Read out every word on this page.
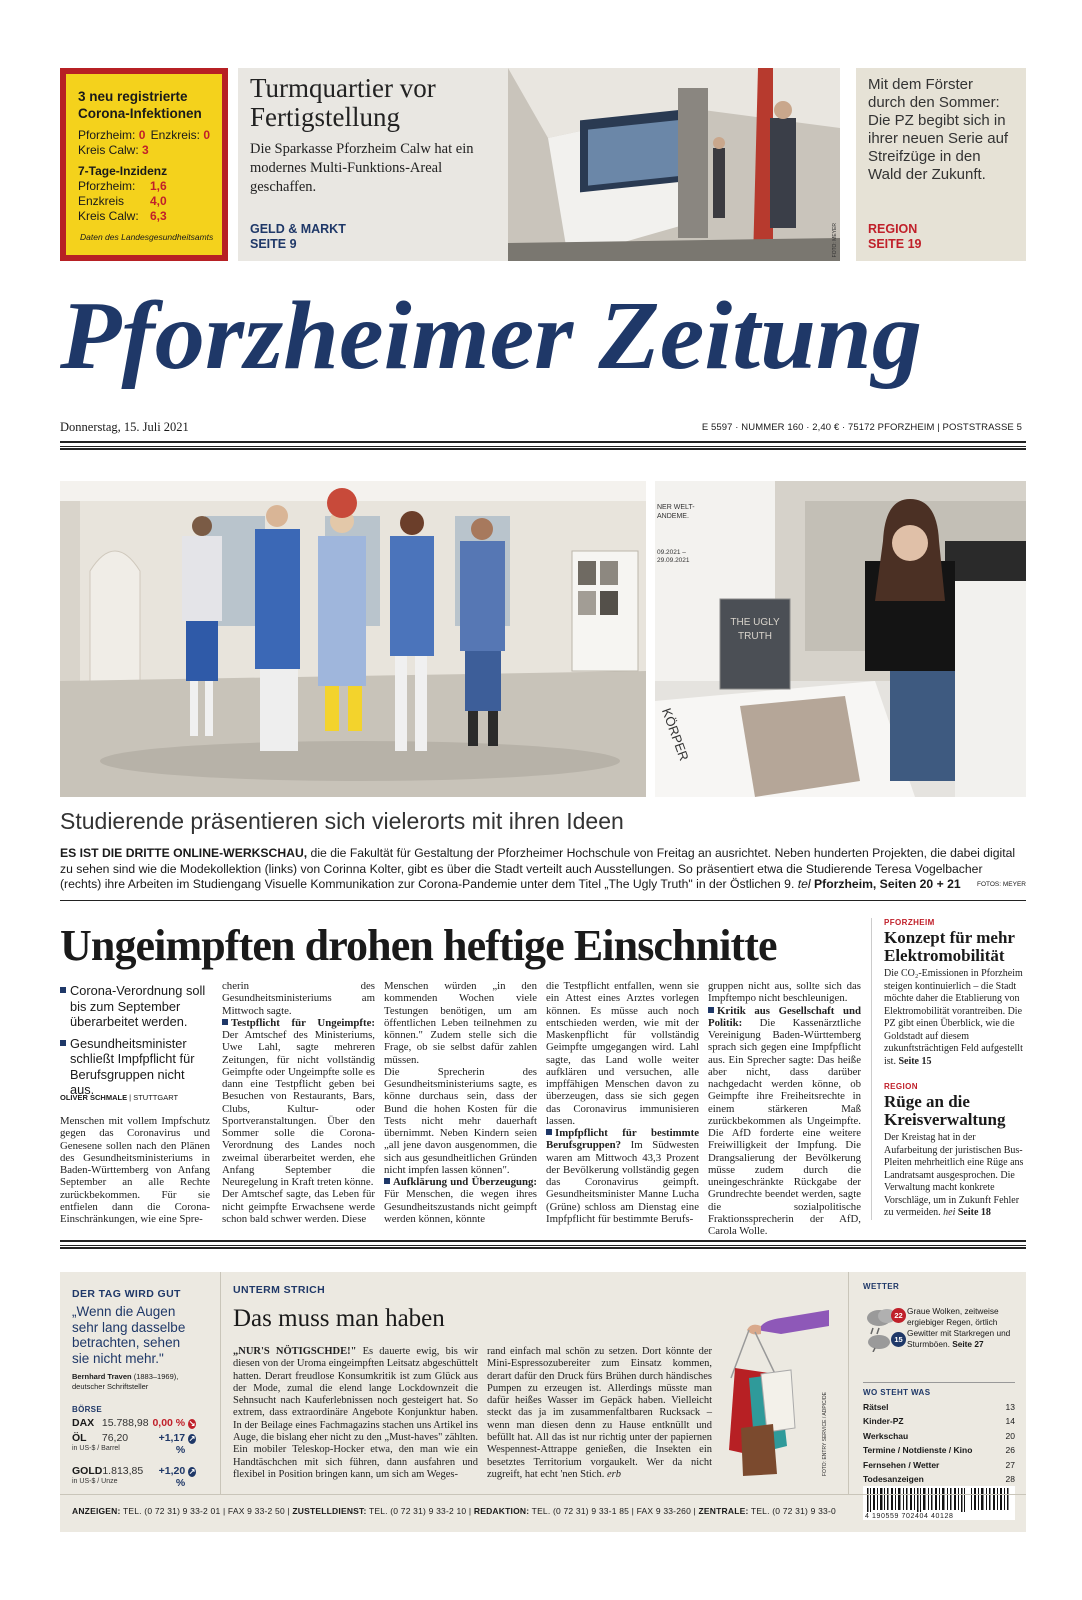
3 neu registrierte Corona-Infektionen
Pforzheim: 0 Enzkreis: 0
Kreis Calw: 3
7-Tage-Inzidenz
Pforzheim:	1,6
Enzkreis	4,0
Kreis Calw: 6,3
Daten des Landesgesundheitsamts
Turmquartier vor Fertigstellung
Die Sparkasse Pforzheim Calw hat ein modernes Multi-Funktions-Areal geschaffen.
GELD & MARKT
SEITE 9	FOTO: MEYER
Mit dem Förster durch den Sommer: Die PZ begibt sich in ihrer neuen Serie auf Streifzüge in den Wald der Zukunft.
REGION
SEITE 19
Pforzheimer Zeitung
Donnerstag, 15. Juli 2021	E 5597 · NUMMER 160 · 2,40 € · 75172 PFORZHEIM | POSTSTRASSE 5
NER WELT- ANDEME.
09.2021 – 29.09.2021
THE UGLY TRUTH
KÖRPER
Studierende präsentieren sich vielerorts mit ihren Ideen
ES IST DIE DRITTE ONLINE-WERKSCHAU, die die Fakultät für Gestaltung der Pforzheimer Hochschule von Freitag an ausrichtet. Neben hunderten Projekten, die dabei digital zu sehen sind wie die Modekollektion (links) von Corinna Kolter, gibt es über die Stadt verteilt auch Ausstellungen. So präsentiert etwa die Studierende Teresa Vogelbacher (rechts) ihre Arbeiten im Studiengang Visuelle Kommunikation zur Corona-Pandemie unter dem Titel „The Ugly Truth" in der Östlichen 9. tel Pforzheim, Seiten 20 + 21	FOTOS: MEYER
Ungeimpften drohen heftige Einschnitte
Menschen mit vollem Impfschutz gegen das Coronavirus und Genesene sollen nach den Plänen des Gesundheitsministeriums in Baden-Württemberg von Anfang September an alle Rechte zurückbekommen. Für sie entfielen dann die Corona-Einschränkungen, wie eine Spre-
cherin des Gesundheitsministeriums am Mittwoch sagte.
Testpflicht für Ungeimpfte: Der Amtschef des Ministeriums, Uwe Lahl, sagte mehreren Zeitungen, für nicht vollständig Geimpfte oder Ungeimpfte solle es dann eine Testpflicht geben bei Besuchen von Restaurants, Bars, Clubs, Kultur- oder Sportveranstaltungen. Über den Sommer solle die Corona-Verordnung des Landes noch zweimal überarbeitet werden, ehe Anfang September die Neuregelung in Kraft treten könne.
Der Amtschef sagte, das Leben für nicht geimpfte Erwachsene werde schon bald schwer werden. Diese
Menschen würden „in den kommenden Wochen viele Testungen benötigen, um am öffentlichen Leben teilnehmen zu können." Zudem stelle sich die Frage, ob sie selbst dafür zahlen müssen.
Die Sprecherin des Gesundheitsministeriums sagte, es könne durchaus sein, dass der Bund die hohen Kosten für die Tests nicht mehr dauerhaft übernimmt. Neben Kindern seien „all jene davon ausgenommen, die sich aus gesundheitlichen Gründen nicht impfen lassen können".
Aufklärung und Überzeugung: Für Menschen, die wegen ihres Gesundheitszustands nicht geimpft werden können, könnte
die Testpflicht entfallen, wenn sie ein Attest eines Arztes vorlegen können. Es müsse auch noch entschieden werden, wie mit der Maskenpflicht für vollständig Geimpfte umgegangen wird. Lahl sagte, das Land wolle weiter aufklären und versuchen, alle impffähigen Menschen davon zu überzeugen, dass sie sich gegen das Coronavirus immunisieren lassen.
Impfpflicht für bestimmte Berufsgruppen? Im Südwesten waren am Mittwoch 43,3 Prozent der Bevölkerung vollständig gegen das Coronavirus geimpft. Gesundheitsminister Manne Lucha (Grüne) schloss am Dienstag eine Impfpflicht für bestimmte Berufs-
gruppen nicht aus, sollte sich das Impftempo nicht beschleunigen.
Kritik aus Gesellschaft und Politik: Die Kassenärztliche Vereinigung Baden-Württemberg sprach sich gegen eine Impfpflicht aus. Ein Sprecher sagte: Das heiße aber nicht, dass darüber nachgedacht werden könne, ob Geimpfte ihre Freiheitsrechte in einem stärkeren Maß zurückbekommen als Ungeimpfte. Die AfD forderte eine weitere Freiwilligkeit der Impfung. Die Drangsalierung der Bevölkerung müsse zudem durch die uneingeschränkte Rückgabe der Grundrechte beendet werden, sagte die sozialpolitische Fraktionssprecherin der AfD, Carola Wolle.
Corona-Verordnung soll bis zum September überarbeitet werden.
Gesundheitsminister schließt Impfpflicht für Berufsgruppen nicht aus.
OLIVER SCHMALE | STUTTGART
PFORZHEIM
Konzept für mehr Elektromobilität
Die CO₂-Emissionen in Pforzheim steigen kontinuierlich – die Stadt möchte daher die Etablierung von Elektromobilität vorantreiben. Die PZ gibt einen Überblick, wie die Goldstadt auf diesem zukunftsträchtigen Feld aufgestellt ist. Seite 15
REGION
Rüge an die Kreisverwaltung
Der Kreistag hat in der Aufarbeitung der juristischen Bus-Pleiten mehrheitlich eine Rüge ans Landratsamt ausgesprochen. Die Verwaltung macht konkrete Vorschläge, um in Zukunft Fehler zu vermeiden. hei Seite 18
DER TAG WIRD GUT
„Wenn die Augen sehr lang dasselbe betrachten, sehen sie nicht mehr."
Bernhard Traven (1883–1969), deutscher Schriftsteller
BÖRSE
DAX 15.788,98 0,00 % ↘
ÖL	76,20	+1,17 %
↗
in US-$ / Barrel
GOLD 1.813,85	+1,20 %
↗
in US-$ / Unze
UNTERM STRICH
Das muss man haben
„NUR'S NÖTIGSCHDE!" Es dauerte ewig, bis wir diesen von der Uroma eingeimpften Leitsatz abgeschüttelt hatten. Derart freudlose Konsumkritik ist zum Glück aus der Mode, zumal die elend lange Lockdownzeit die Sehnsucht nach Kauferlebnissen noch gesteigert hat. So extrem, dass extraordinäre Angebote Konjunktur haben. In der Beilage eines Fachmagazins stachen uns Artikel ins Auge, die bislang eher nicht zu den „Must-haves" zählten. Ein mobiler Teleskop-Hocker etwa, den man wie ein Handtäschchen mit sich führen, dann ausfahren und flexibel in Position bringen kann, um sich am Weges-
rand einfach mal schön zu setzen. Dort könnte der Mini-Espressozubereiter zum Einsatz kommen, derart dafür den Druck fürs Brühen durch händisches Pumpen zu erzeugen ist. Allerdings müsste man dafür heißes Wasser im Gepäck haben. Vielleicht steckt das ja im zusammenfaltbaren Rucksack – wenn man diesen denn zu Hause entknüllt und befüllt hat. All das ist nur richtig unter der papiernen Wespennest-Attrappe genießen, die Insekten ein besetztes Territorium vorgaukelt. Wer da nicht zugreift, hat echt 'nen Stich. erb	FOTO: ENTRY SERVICE / ADPIC/DE
WETTER
22
15
Graue Wolken, zeitweise ergiebiger Regen, örtlich Gewitter mit Starkregen und Sturmböen. Seite 27
WO STEHT WAS
Rätsel	13
Kinder-PZ	14
Werkschau	20
Termine / Notdienste / Kino	26
Fernsehen / Wetter	27
Todesanzeigen	28
4 190559 702404 40128
ANZEIGEN: TEL. (0 72 31) 9 33-2 01 | FAX 9 33-2 50 | ZUSTELLDIENST: TEL. (0 72 31) 9 33-2 10 | REDAKTION: TEL. (0 72 31) 9 33-1 85 | FAX 9 33-260 | ZENTRALE: TEL. (0 72 31) 9 33-0
